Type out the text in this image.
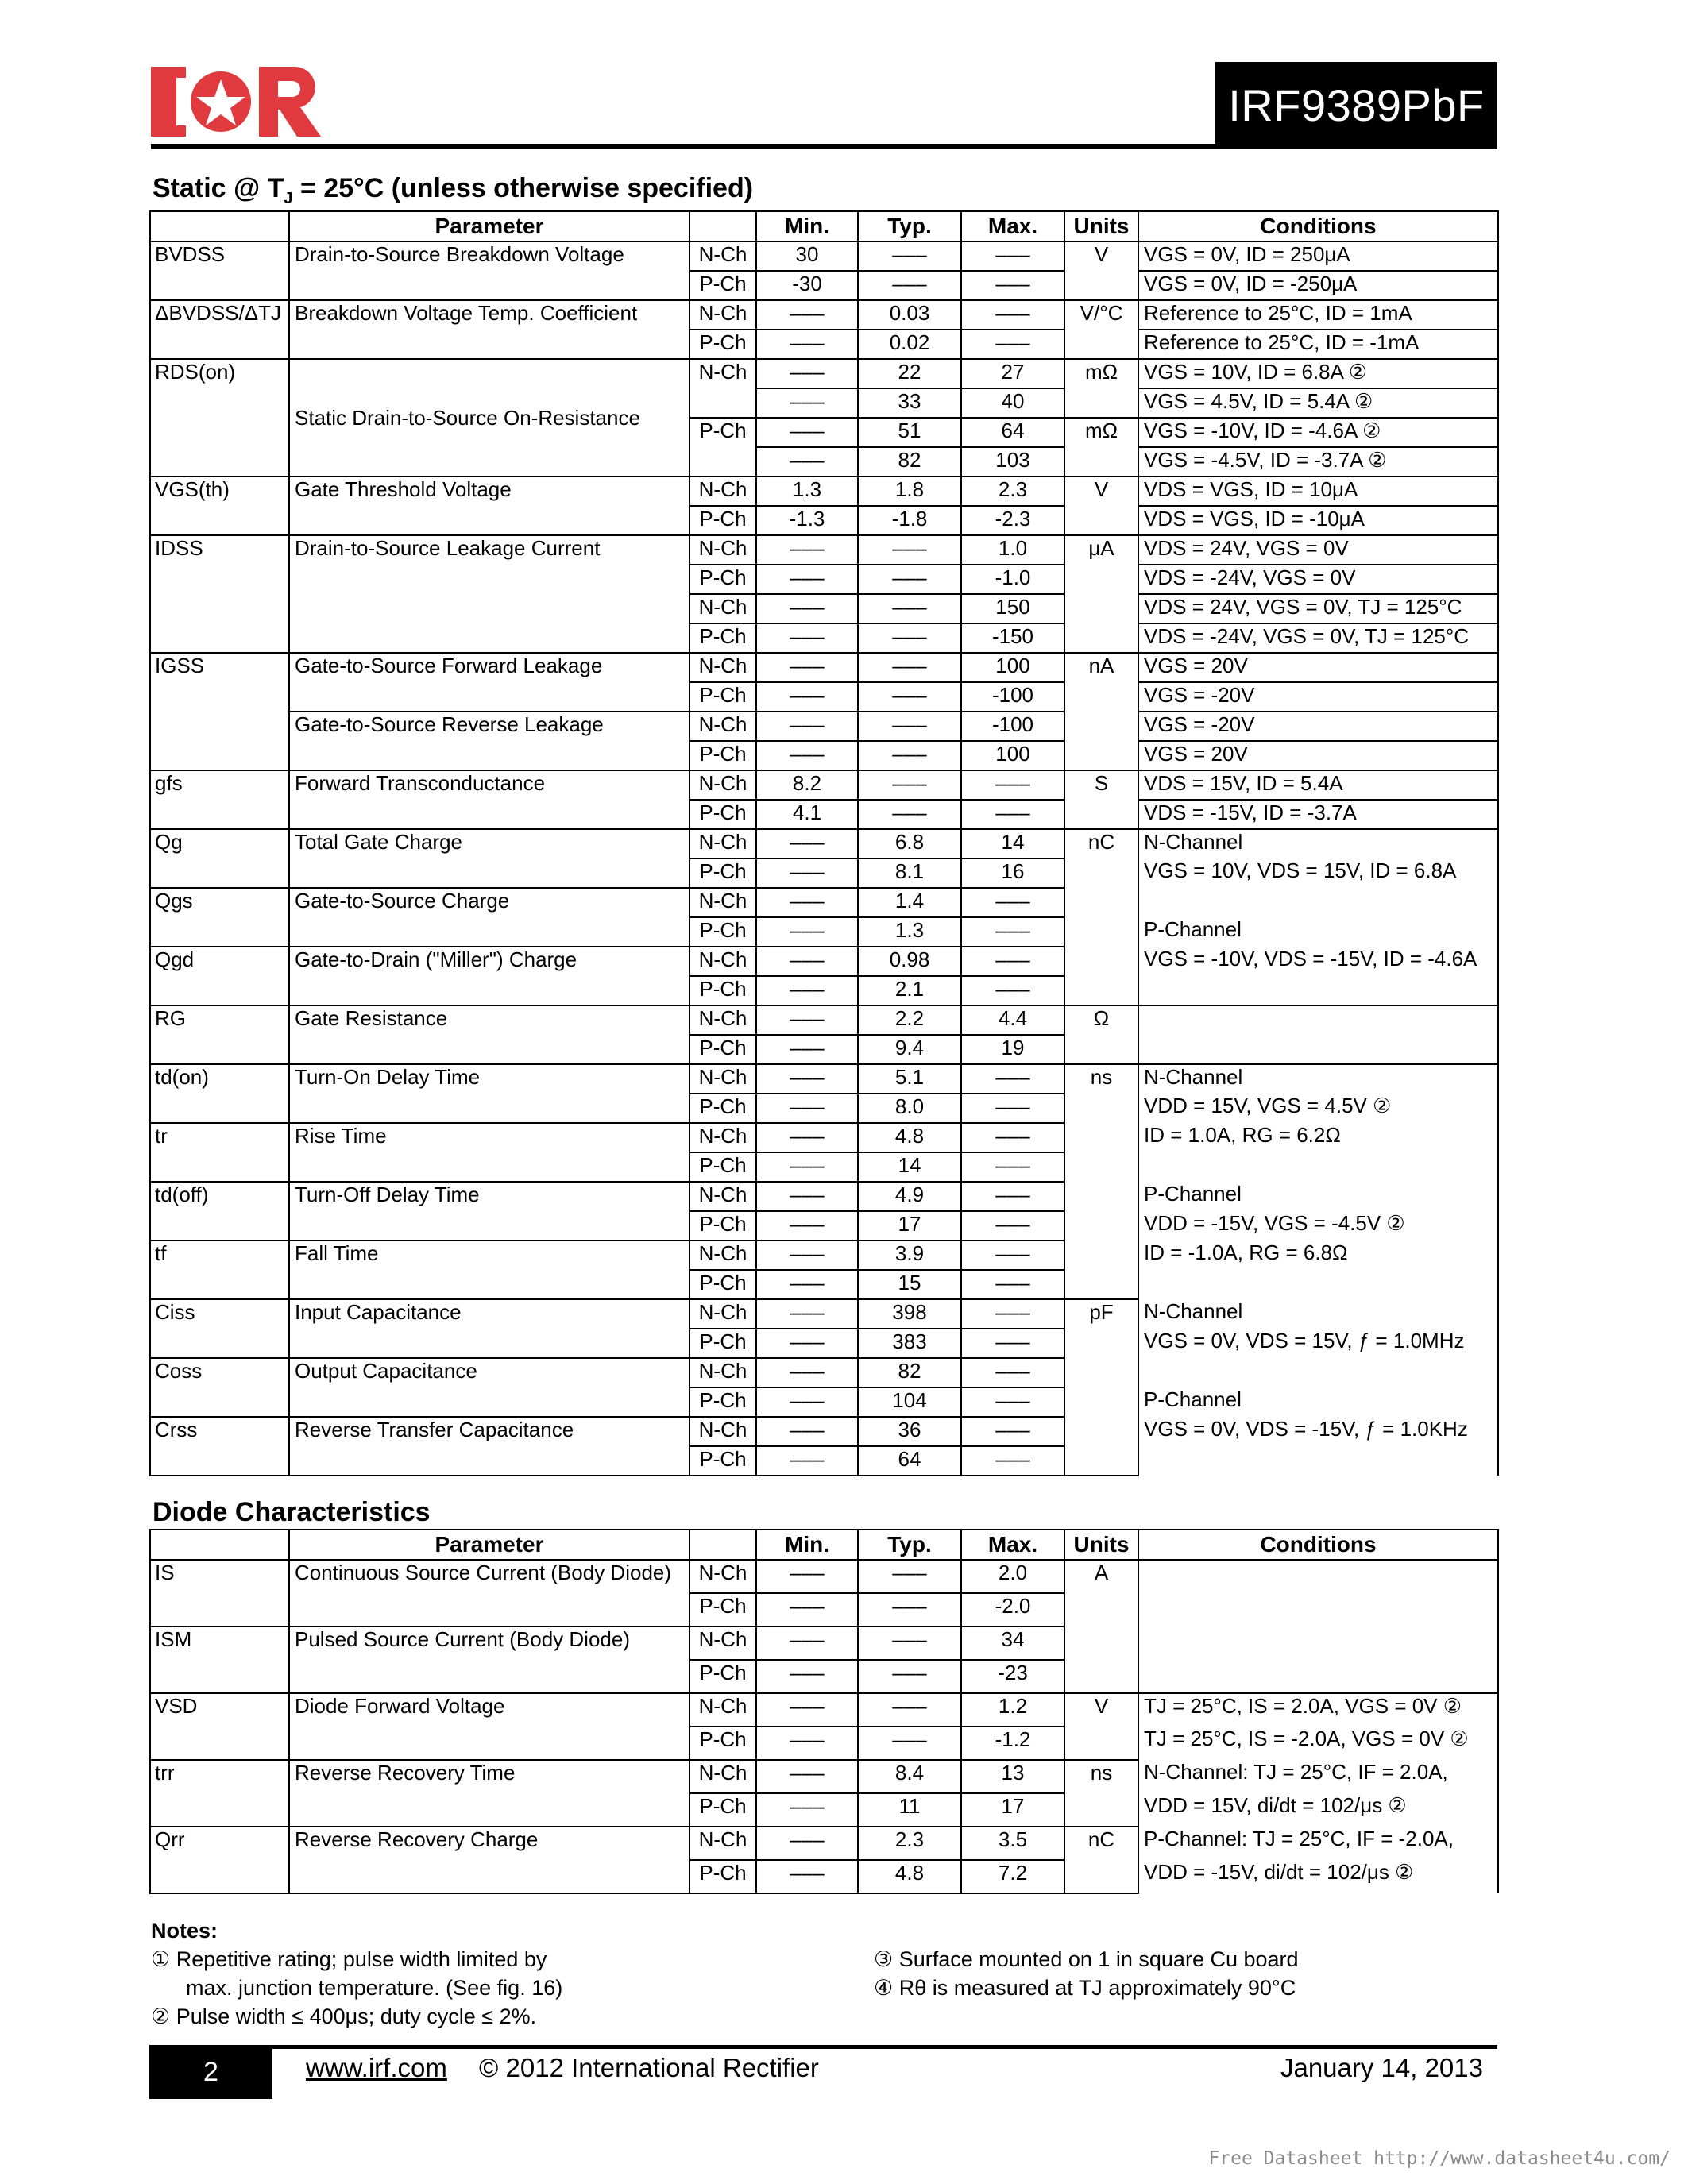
IRF9389PbF
Static @ $T_J = 25^\circ C$ (unless otherwise specified)
	Parameter		Min.	Typ.	Max.	Units	Conditions
BVDSS	Drain-to-Source Breakdown Voltage	N-Ch	30	–––	–––	V	VGS = 0V, ID = 250μA
		P-Ch	-30	–––	–––		VGS = 0V, ID = -250μA
ΔBVDSS/ΔTJ	Breakdown Voltage Temp. Coefficient	N-Ch	–––	0.03	–––	V/°C	Reference to 25°C, ID = 1mA
		P-Ch	–––	0.02	–––		Reference to 25°C, ID = -1mA
RDS(on)	Static Drain-to-Source On-Resistance	N-Ch	–––	22	27	mΩ	VGS = 10V, ID = 6.8A ②
			–––	33	40		VGS = 4.5V, ID = 5.4A ②
		P-Ch	–––	51	64	mΩ	VGS = -10V, ID = -4.6A ②
			–––	82	103		VGS = -4.5V, ID = -3.7A ②
VGS(th)	Gate Threshold Voltage	N-Ch	1.3	1.8	2.3	V	VDS = VGS, ID = 10μA
		P-Ch	-1.3	-1.8	-2.3		VDS = VGS, ID = -10μA
IDSS	Drain-to-Source Leakage Current	N-Ch	–––	–––	1.0	μA	VDS = 24V, VGS = 0V
		P-Ch	–––	–––	-1.0		VDS = -24V, VGS = 0V
		N-Ch	–––	–––	150		VDS = 24V, VGS = 0V, TJ = 125°C
		P-Ch	–––	–––	-150		VDS = -24V, VGS = 0V, TJ = 125°C
IGSS	Gate-to-Source Forward Leakage	N-Ch	–––	–––	100	nA	VGS = 20V
		P-Ch	–––	–––	-100		VGS = -20V
	Gate-to-Source Reverse Leakage	N-Ch	–––	–––	-100		VGS = -20V
		P-Ch	–––	–––	100		VGS = 20V
gfs	Forward Transconductance	N-Ch	8.2	–––	–––	S	VDS = 15V, ID = 5.4A
		P-Ch	4.1	–––	–––		VDS = -15V, ID = -3.7A
Qg	Total Gate Charge	N-Ch	–––	6.8	14	nC	N-Channel
		P-Ch	–––	8.1	16		VGS = 10V, VDS = 15V, ID = 6.8A
Qgs	Gate-to-Source Charge	N-Ch	–––	1.4	–––		
		P-Ch	–––	1.3	–––		P-Channel
Qgd	Gate-to-Drain ("Miller") Charge	N-Ch	–––	0.98	–––		VGS = -10V, VDS = -15V, ID = -4.6A
		P-Ch	–––	2.1	–––		
RG	Gate Resistance	N-Ch	–––	2.2	4.4	Ω	
		P-Ch	–––	9.4	19		
td(on)	Turn-On Delay Time	N-Ch	–––	5.1	–––	ns	N-Channel
		P-Ch	–––	8.0	–––		VDD = 15V, VGS = 4.5V ②
tr	Rise Time	N-Ch	–––	4.8	–––		ID = 1.0A, RG = 6.2Ω
		P-Ch	–––	14	–––		
td(off)	Turn-Off Delay Time	N-Ch	–––	4.9	–––		P-Channel
		P-Ch	–––	17	–––		VDD = -15V, VGS = -4.5V ②
tf	Fall Time	N-Ch	–––	3.9	–––		ID = -1.0A, RG = 6.8Ω
		P-Ch	–––	15	–––		
Ciss	Input Capacitance	N-Ch	–––	398	–––	pF	N-Channel
		P-Ch	–––	383	–––		VGS = 0V, VDS = 15V, ƒ = 1.0MHz
Coss	Output Capacitance	N-Ch	–––	82	–––		
		P-Ch	–––	104	–––		P-Channel
Crss	Reverse Transfer Capacitance	N-Ch	–––	36	–––		VGS = 0V, VDS = -15V, ƒ = 1.0KHz
		P-Ch	–––	64	–––		
Diode Characteristics
	Parameter		Min.	Typ.	Max.	Units	Conditions
IS	Continuous Source Current (Body Diode)	N-Ch	–––	–––	2.0	A	
		P-Ch	–––	–––	-2.0		
ISM	Pulsed Source Current (Body Diode)	N-Ch	–––	–––	34		
		P-Ch	–––	–––	-23		
VSD	Diode Forward Voltage	N-Ch	–––	–––	1.2	V	TJ = 25°C, IS = 2.0A, VGS = 0V ②
		P-Ch	–––	–––	-1.2		TJ = 25°C, IS = -2.0A, VGS = 0V ②
trr	Reverse Recovery Time	N-Ch	–––	8.4	13	ns	N-Channel: TJ = 25°C, IF = 2.0A,
		P-Ch	–––	11	17		VDD = 15V, di/dt = 102/μs ②
Qrr	Reverse Recovery Charge	N-Ch	–––	2.3	3.5	nC	P-Channel: TJ = 25°C, IF = -2.0A,
		P-Ch	–––	4.8	7.2		VDD = -15V, di/dt = 102/μs ②
Notes:
① Repetitive rating; pulse width limited by
max. junction temperature. (See fig. 16)
② Pulse width ≤ 400μs; duty cycle ≤ 2%.
③ Surface mounted on 1 in square Cu board
④ Rθ is measured at TJ approximately 90°C
2	www.irf.com © 2012 International Rectifier	January 14, 2013
Free Datasheet http://www.datasheet4u.com/
